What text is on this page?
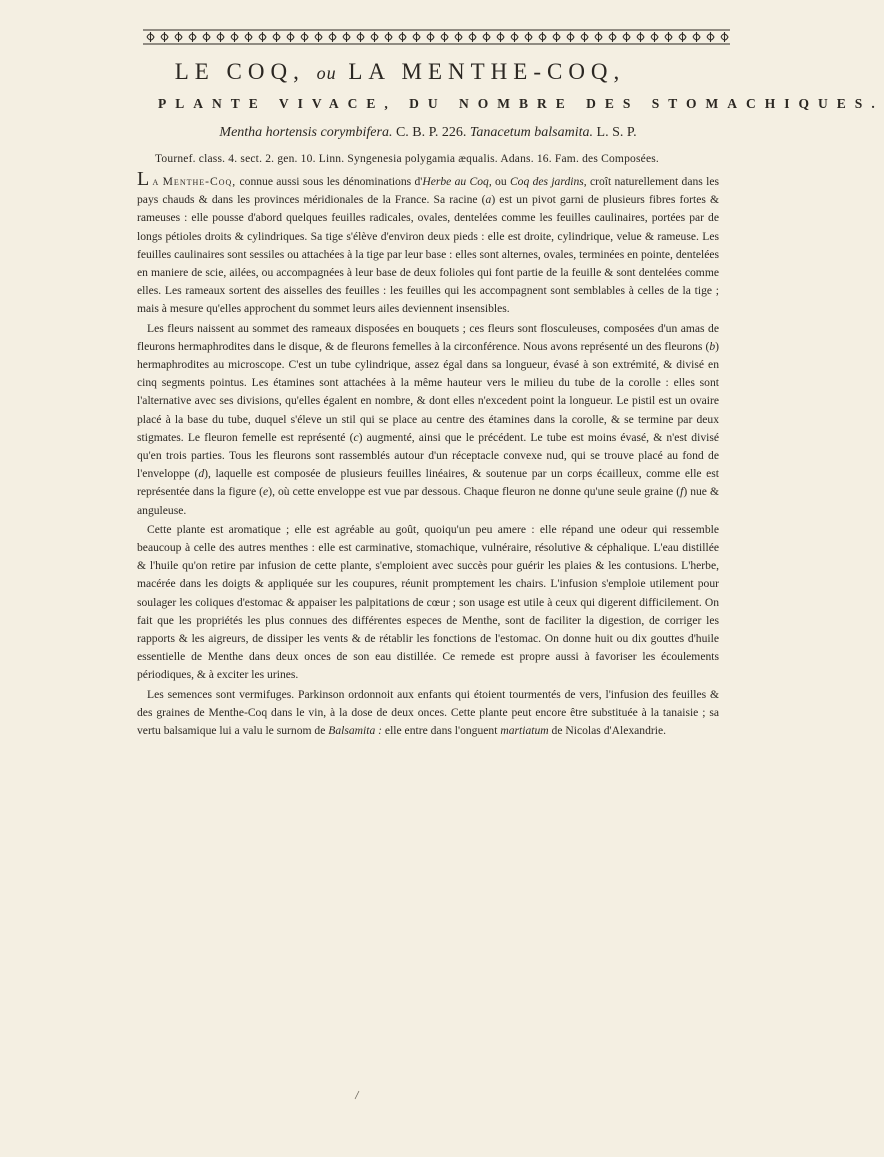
LE COQ, ou LA MENTHE-COQ,
PLANTE VIVACE, DU NOMBRE DES STOMACHIQUES.
Mentha hortensis corymbifera. C. B. P. 226. Tanacetum balsamita. L. S. P.
Tournef. class. 4. sect. 2. gen. 10. Linn. Syngenesia polygamia æqualis. Adans. 16. Fam. des Composées.

L a Menthe-Coq, connue aussi sous les dénominations d'Herbe au Coq, ou Coq des jardins, croît naturellement dans les pays chauds & dans les provinces méridionales de la France. Sa racine (a) est un pivot garni de plusieurs fibres fortes & rameuses : elle pousse d'abord quelques feuilles radicales, ovales, dentelées comme les feuilles caulinaires, portées par de longs pétioles droits & cylindriques. Sa tige s'élève d'environ deux pieds : elle est droite, cylindrique, velue & rameuse. Les feuilles caulinaires sont sessiles ou attachées à la tige par leur base : elles sont alternes, ovales, terminées en pointe, dentelées en maniere de scie, ailées, ou accompagnées à leur base de deux folioles qui font partie de la feuille & sont dentelées comme elles. Les rameaux sortent des aisselles des feuilles : les feuilles qui les accompagnent sont semblables à celles de la tige ; mais à mesure qu'elles approchent du sommet leurs ailes deviennent insensibles.

Les fleurs naissent au sommet des rameaux disposées en bouquets ; ces fleurs sont flosculeuses, composées d'un amas de fleurons hermaphrodites dans le disque, & de fleurons femelles à la circonférence. Nous avons représenté un des fleurons (b) hermaphrodites au microscope. C'est un tube cylindrique, assez égal dans sa longueur, évasé à son extrémité, & divisé en cinq segments pointus. Les étamines sont attachées à la même hauteur vers le milieu du tube de la corolle : elles sont l'alternative avec ses divisions, qu'elles égalent en nombre, & dont elles n'excedent point la longueur. Le pistil est un ovaire placé à la base du tube, duquel s'éleve un stil qui se place au centre des étamines dans la corolle, & se termine par deux stigmates. Le fleuron femelle est représenté (c) augmenté, ainsi que le précédent. Le tube est moins évasé, & n'est divisé qu'en trois parties. Tous les fleurons sont rassemblés autour d'un réceptacle convexe nud, qui se trouve placé au fond de l'enveloppe (d), laquelle est composée de plusieurs feuilles linéaires, & soutenue par un corps écailleux, comme elle est représentée dans la figure (e), où cette enveloppe est vue par dessous. Chaque fleuron ne donne qu'une seule graine (f) nue & anguleuse.

Cette plante est aromatique ; elle est agréable au goût, quoiqu'un peu amere : elle répand une odeur qui ressemble beaucoup à celle des autres menthes : elle est carminative, stomachique, vulnéraire, résolutive & céphalique. L'eau distillée & l'huile qu'on retire par infusion de cette plante, s'emploient avec succès pour guérir les plaies & les contusions. L'herbe, macérée dans les doigts & appliquée sur les coupures, réunit promptement les chairs. L'infusion s'emploie utilement pour soulager les coliques d'estomac & appaiser les palpitations de cœur ; son usage est utile à ceux qui digerent difficilement. On fait que les propriétés les plus connues des différentes especes de Menthe, sont de faciliter la digestion, de corriger les rapports & les aigreurs, de dissiper les vents & de rétablir les fonctions de l'estomac. On donne huit ou dix gouttes d'huile essentielle de Menthe dans deux onces de son eau distillée. Ce remede est propre aussi à favoriser les écoulements périodiques, & à exciter les urines.

Les semences sont vermifuges. Parkinson ordonnoit aux enfants qui étoient tourmentés de vers, l'infusion des feuilles & des graines de Menthe-Coq dans le vin, à la dose de deux onces. Cette plante peut encore être substituée à la tanaisie ; sa vertu balsamique lui a valu le surnom de Balsamita : elle entre dans l'onguent martiatum de Nicolas d'Alexandrie.
